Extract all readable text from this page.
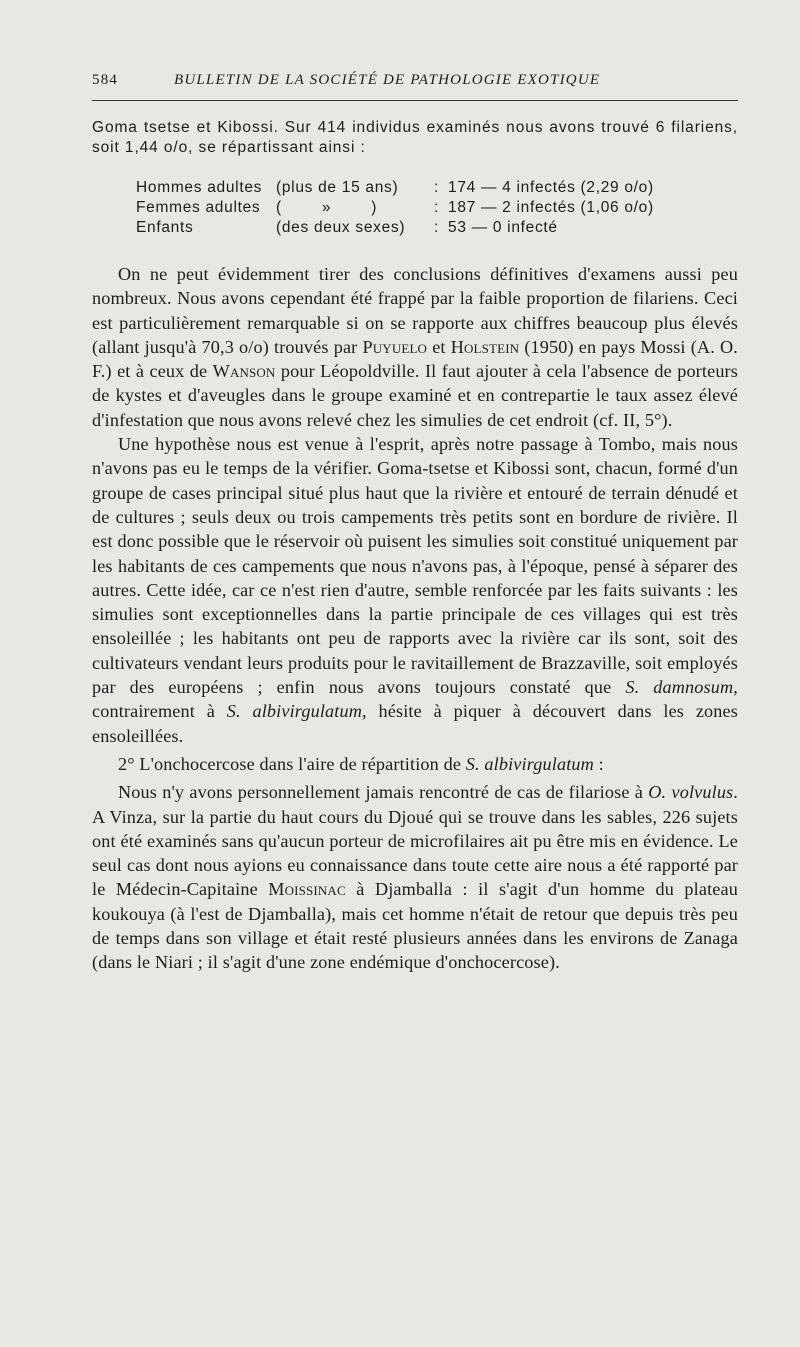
584	BULLETIN DE LA SOCIÉTÉ DE PATHOLOGIE EXOTIQUE
Goma tsetse et Kibossi. Sur 414 individus examinés nous avons trouvé 6 filariens, soit 1,44 o/o, se répartissant ainsi :
Hommes adultes (plus de 15 ans) : 174 — 4 infectés (2,29 o/o)
Femmes adultes (        »        )	: 187 — 2 infectés (1,06 o/o)
Enfants	(des deux sexes) : 53 — 0 infecté

On ne peut évidemment tirer des conclusions définitives d'examens aussi peu nombreux. Nous avons cependant été frappé par la faible proportion de filariens. Ceci est particulièrement remarquable si on se rapporte aux chiffres beaucoup plus élevés (allant jusqu'à 70,3 o/o) trouvés par Puyuelo et Holstein (1950) en pays Mossi (A. O. F.) et à ceux de Wanson pour Léopoldville. Il faut ajouter à cela l'absence de porteurs de kystes et d'aveugles dans le groupe examiné et en contrepartie le taux assez élevé d'infestation que nous avons relevé chez les simulies de cet endroit (cf. II, 5°).

Une hypothèse nous est venue à l'esprit, après notre passage à Tombo, mais nous n'avons pas eu le temps de la vérifier. Goma-tsetse et Kibossi sont, chacun, formé d'un groupe de cases principal situé plus haut que la rivière et entouré de terrain dénudé et de cultures ; seuls deux ou trois campements très petits sont en bordure de rivière. Il est donc possible que le réservoir où puisent les simulies soit constitué uniquement par les habitants de ces campements que nous n'avons pas, à l'époque, pensé à séparer des autres. Cette idée, car ce n'est rien d'autre, semble renforcée par les faits suivants : les simulies sont exceptionnelles dans la partie principale de ces villages qui est très ensoleillée ; les habitants ont peu de rapports avec la rivière car ils sont, soit des cultivateurs vendant leurs produits pour le ravitaillement de Brazzaville, soit employés par des européens ; enfin nous avons toujours constaté que S. damnosum, contrairement à S. albivirgulatum, hésite à piquer à découvert dans les zones ensoleillées.

2° L'onchocercose dans l'aire de répartition de S. albivirgulatum :

Nous n'y avons personnellement jamais rencontré de cas de filariose à O. volvulus. A Vinza, sur la partie du haut cours du Djoué qui se trouve dans les sables, 226 sujets ont été examinés sans qu'aucun porteur de microfilaires ait pu être mis en évidence. Le seul cas dont nous ayions eu connaissance dans toute cette aire nous a été rapporté par le Médecin-Capitaine Moissinac à Djamballa : il s'agit d'un homme du plateau koukouya (à l'est de Djamballa), mais cet homme n'était de retour que depuis très peu de temps dans son village et était resté plusieurs années dans les environs de Zanaga (dans le Niari ; il s'agit d'une zone endémique d'onchocercose).
